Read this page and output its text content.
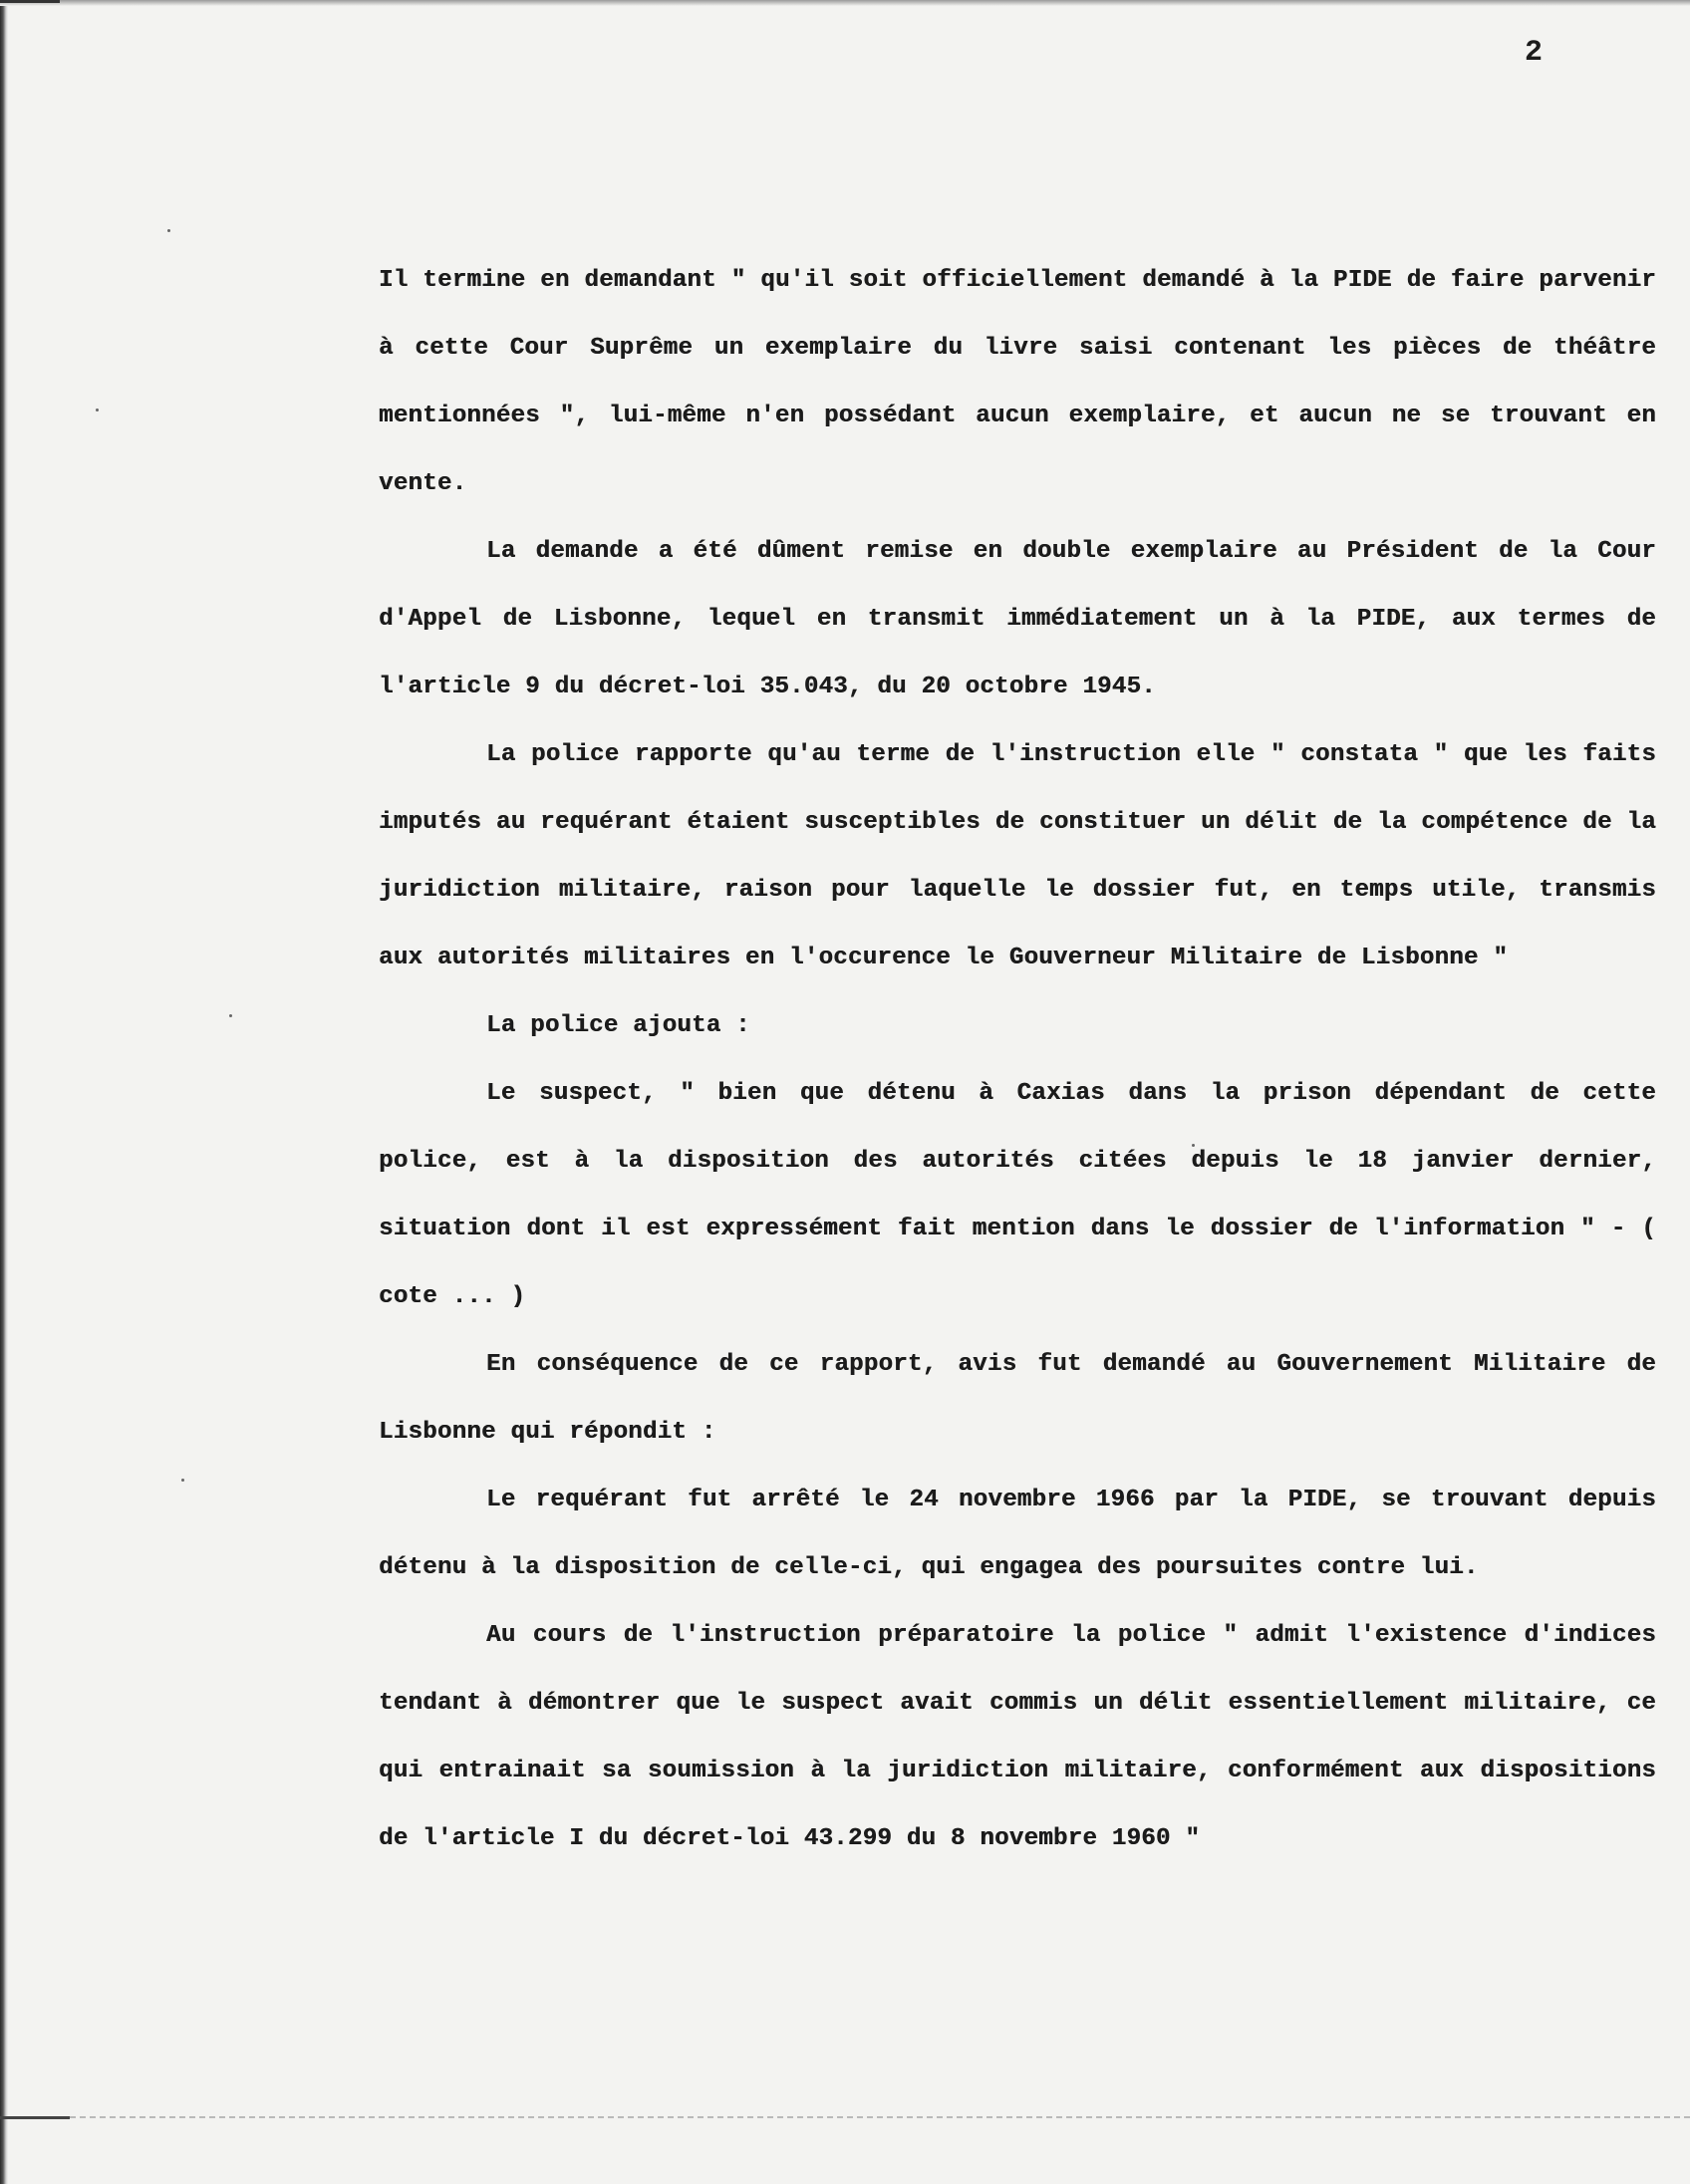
2

Il termine en demandant " qu'il soit officiellement demandé à la PIDE de faire parvenir à cette Cour Suprême un exemplaire du livre saisi contenant les pièces de théâtre mentionnées ", lui-même n'en possédant aucun exemplaire, et aucun ne se trouvant en vente.

La demande a été dûment remise en double exemplaire au Président de la Cour d'Appel de Lisbonne, lequel en transmit immédiatement un à la PIDE, aux termes de l'article 9 du décret-loi 35.043, du 20 octobre 1945.

La police rapporte qu'au terme de l'instruction elle " constata " que les faits imputés au requérant étaient susceptibles de constituer un délit de la compétence de la juridiction militaire, raison pour laquelle le dossier fut, en temps utile, transmis aux autorités militaires en l'occurence le Gouverneur Militaire de Lisbonne "

La police ajouta :

Le suspect, " bien que détenu à Caxias dans la prison dépendant de cette police, est à la disposition des autorités citées depuis le 18 janvier dernier, situation dont il est expressément fait mention dans le dossier de l'information " - ( cote ... )

En conséquence de ce rapport, avis fut demandé au Gouvernement Militaire de Lisbonne qui répondit :

Le requérant fut arrêté le 24 novembre 1966 par la PIDE, se trouvant depuis détenu à la disposition de celle-ci, qui engagea des poursuites contre lui.

Au cours de l'instruction préparatoire la police " admit l'existence d'indices tendant à démontrer que le suspect avait commis un délit essentiellement militaire, ce qui entrainait sa soumission à la juridiction militaire, conformément aux dispositions de l'article I du décret-loi 43.299 du 8 novembre 1960 "
